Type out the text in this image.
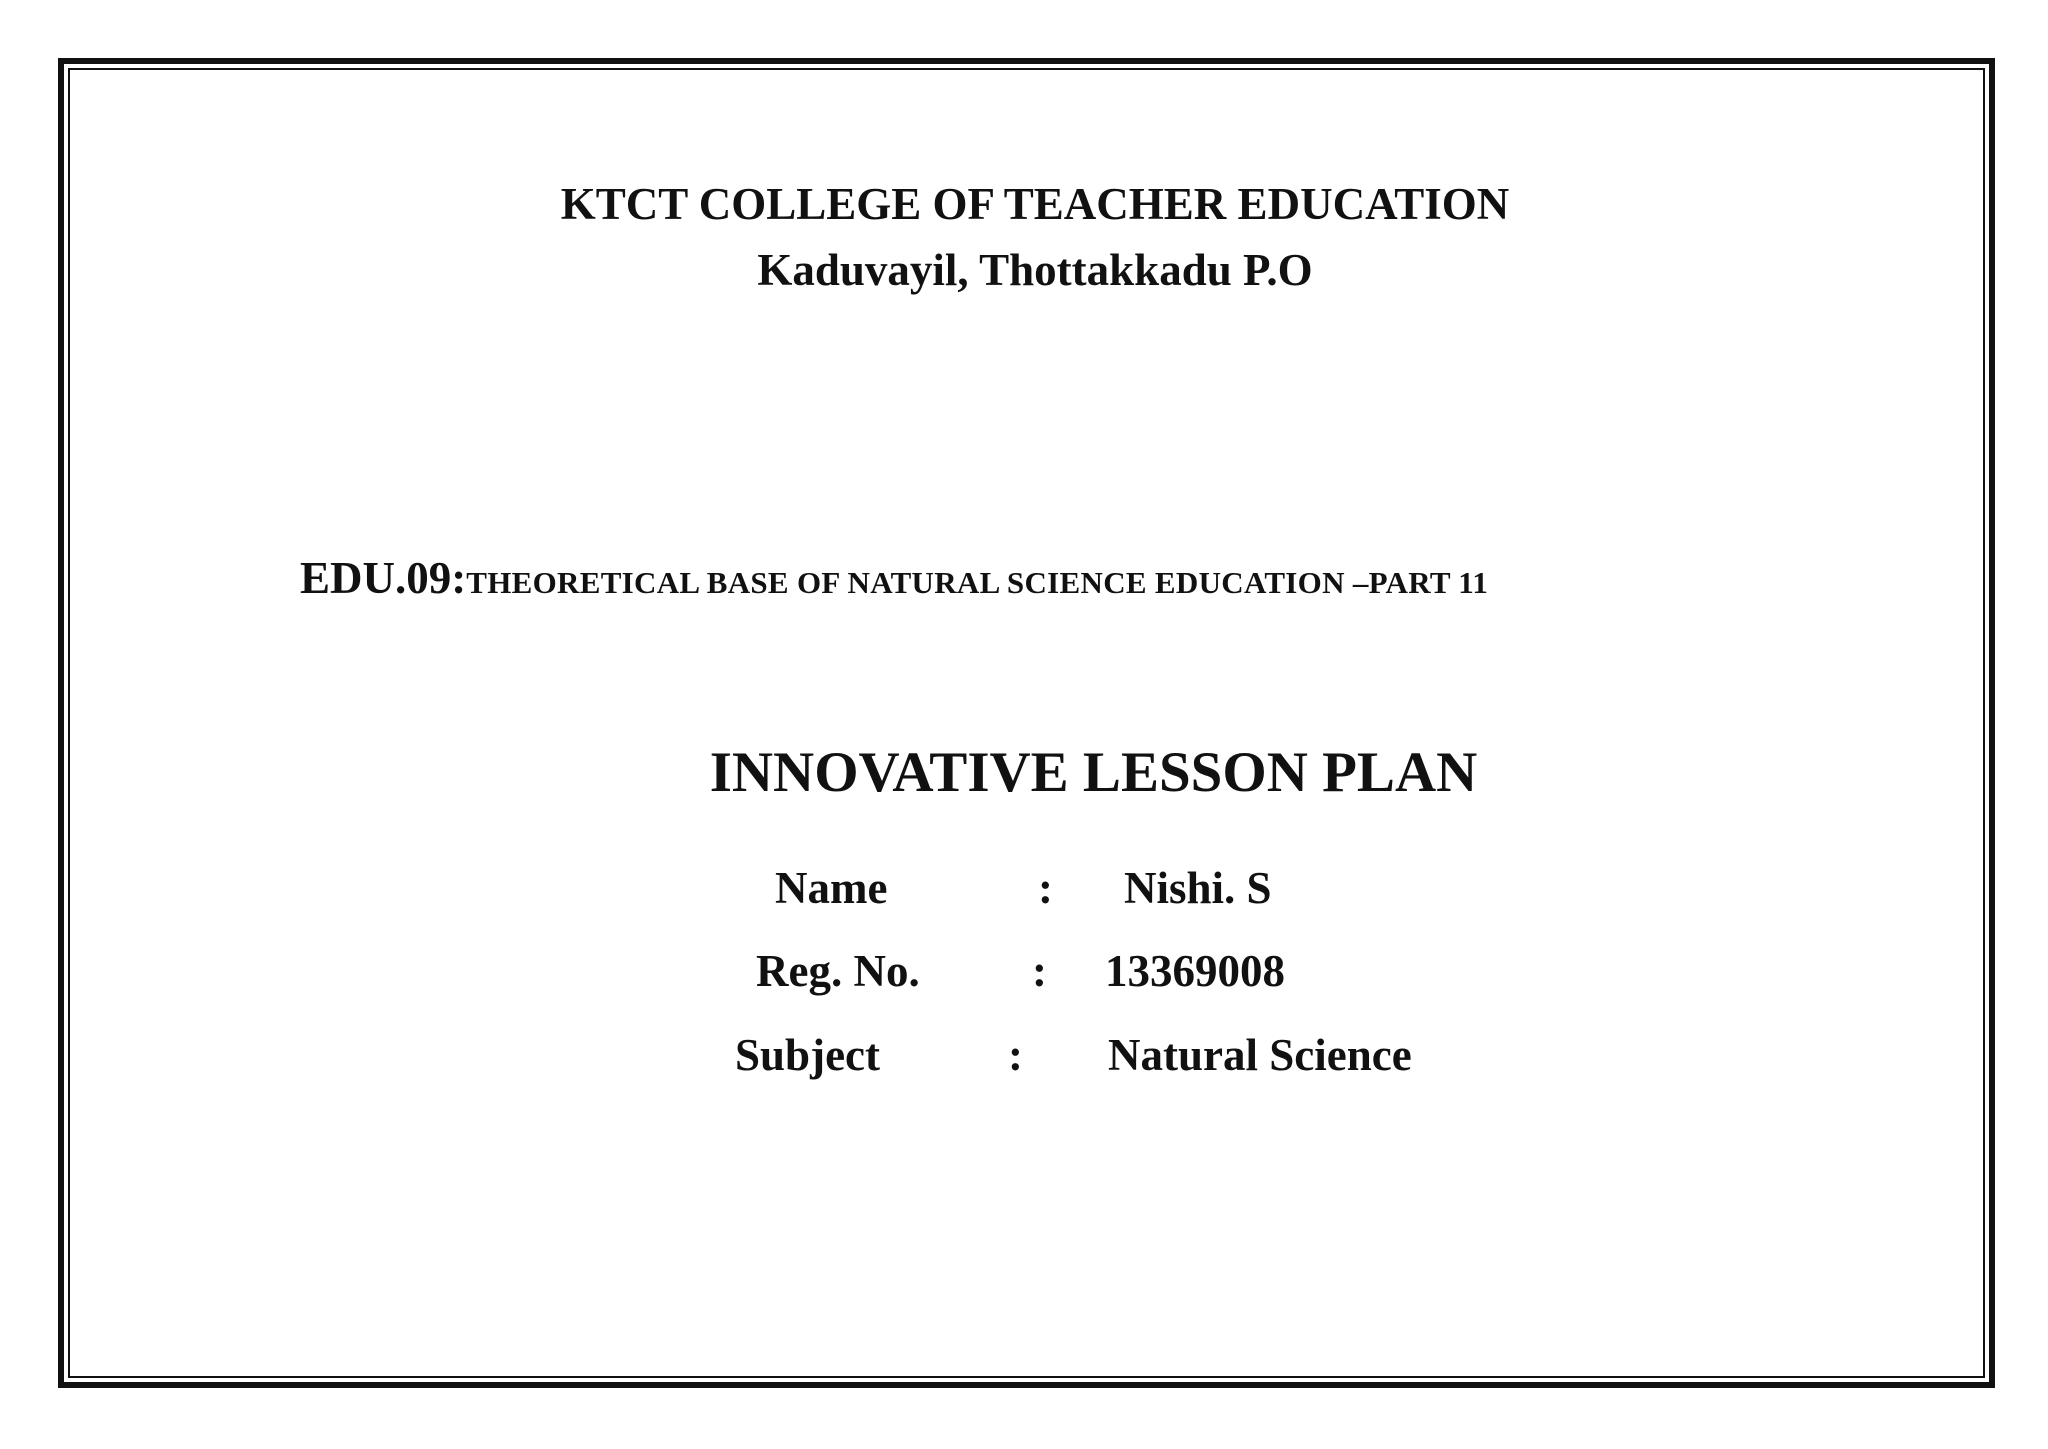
KTCT COLLEGE OF TEACHER EDUCATION
Kaduvayil, Thottakkadu P.O
EDU.09:THEORETICAL BASE OF NATURAL SCIENCE EDUCATION –PART 11
INNOVATIVE LESSON PLAN
Name	: Nishi. S
Reg. No. : 13369008
Subject	: Natural Science
